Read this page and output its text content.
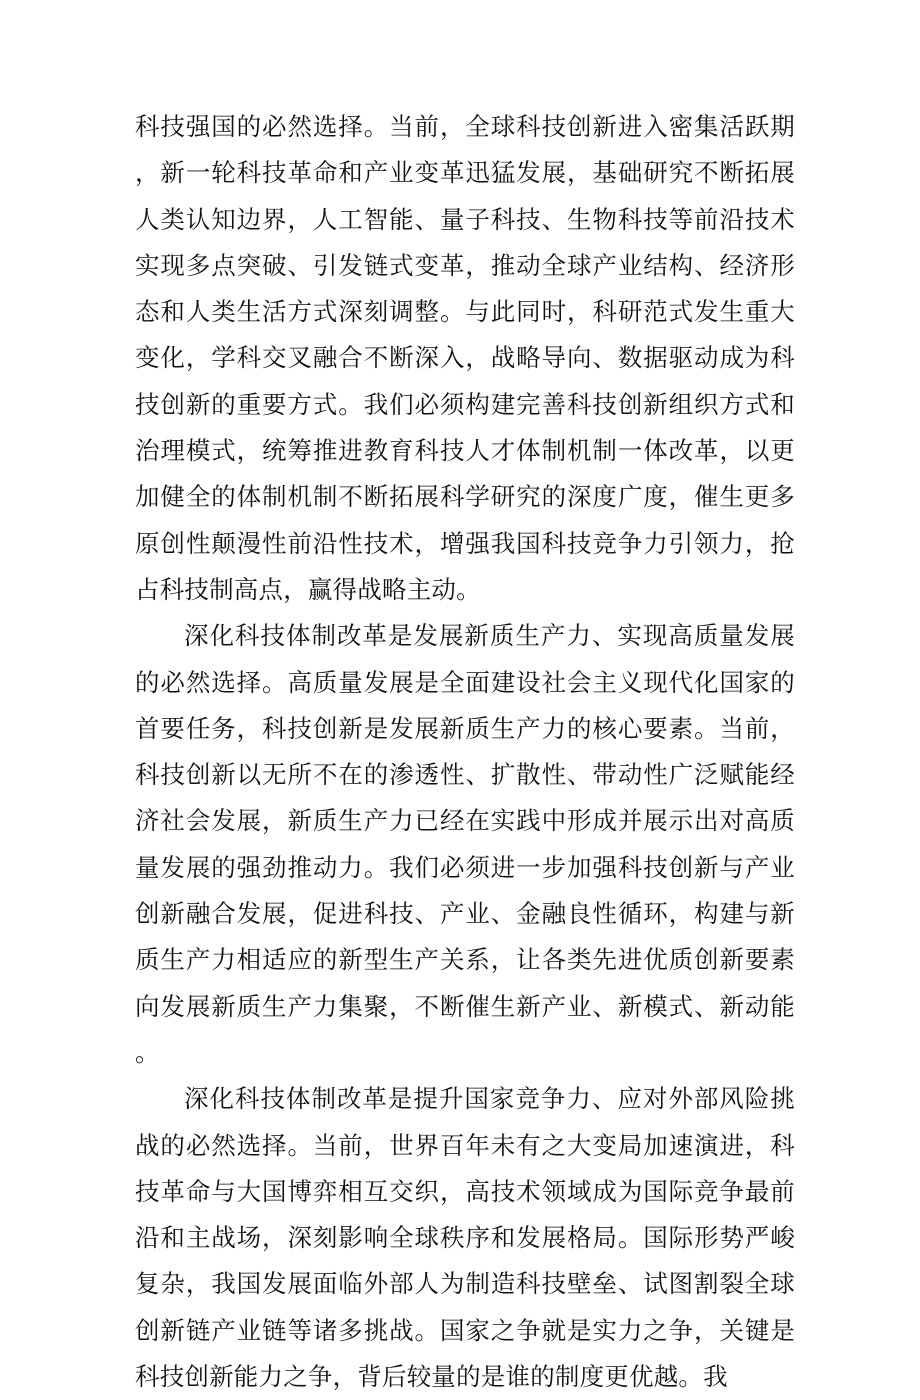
科技强国的必然选择。当前，全球科技创新进入密集活跃期，新一轮科技革命和产业变革迅猛发展，基础研究不断拓展人类认知边界，人工智能、量子科技、生物科技等前沿技术实现多点突破、引发链式变革，推动全球产业结构、经济形态和人类生活方式深刻调整。与此同时，科研范式发生重大变化，学科交叉融合不断深入，战略导向、数据驱动成为科技创新的重要方式。我们必须构建完善科技创新组织方式和治理模式，统筹推进教育科技人才体制机制一体改革，以更加健全的体制机制不断拓展科学研究的深度广度，催生更多原创性颠漫性前沿性技术，增强我国科技竞争力引领力，抢占科技制高点，赢得战略主动。

深化科技体制改革是发展新质生产力、实现高质量发展的必然选择。高质量发展是全面建设社会主义现代化国家的首要任务，科技创新是发展新质生产力的核心要素。当前，科技创新以无所不在的渗透性、扩散性、带动性广泛赋能经济社会发展，新质生产力已经在实践中形成并展示出对高质量发展的强劲推动力。我们必须进一步加强科技创新与产业创新融合发展，促进科技、产业、金融良性循环，构建与新质生产力相适应的新型生产关系，让各类先进优质创新要素向发展新质生产力集聚，不断催生新产业、新模式、新动能。

深化科技体制改革是提升国家竞争力、应对外部风险挑战的必然选择。当前，世界百年未有之大变局加速演进，科技革命与大国博弈相互交织，高技术领域成为国际竞争最前沿和主战场，深刻影响全球秩序和发展格局。国际形势严峻复杂，我国发展面临外部人为制造科技壁垒、试图割裂全球创新链产业链等诸多挑战。国家之争就是实力之争，关键是科技创新能力之争，背后较量的是谁的制度更优越。我
